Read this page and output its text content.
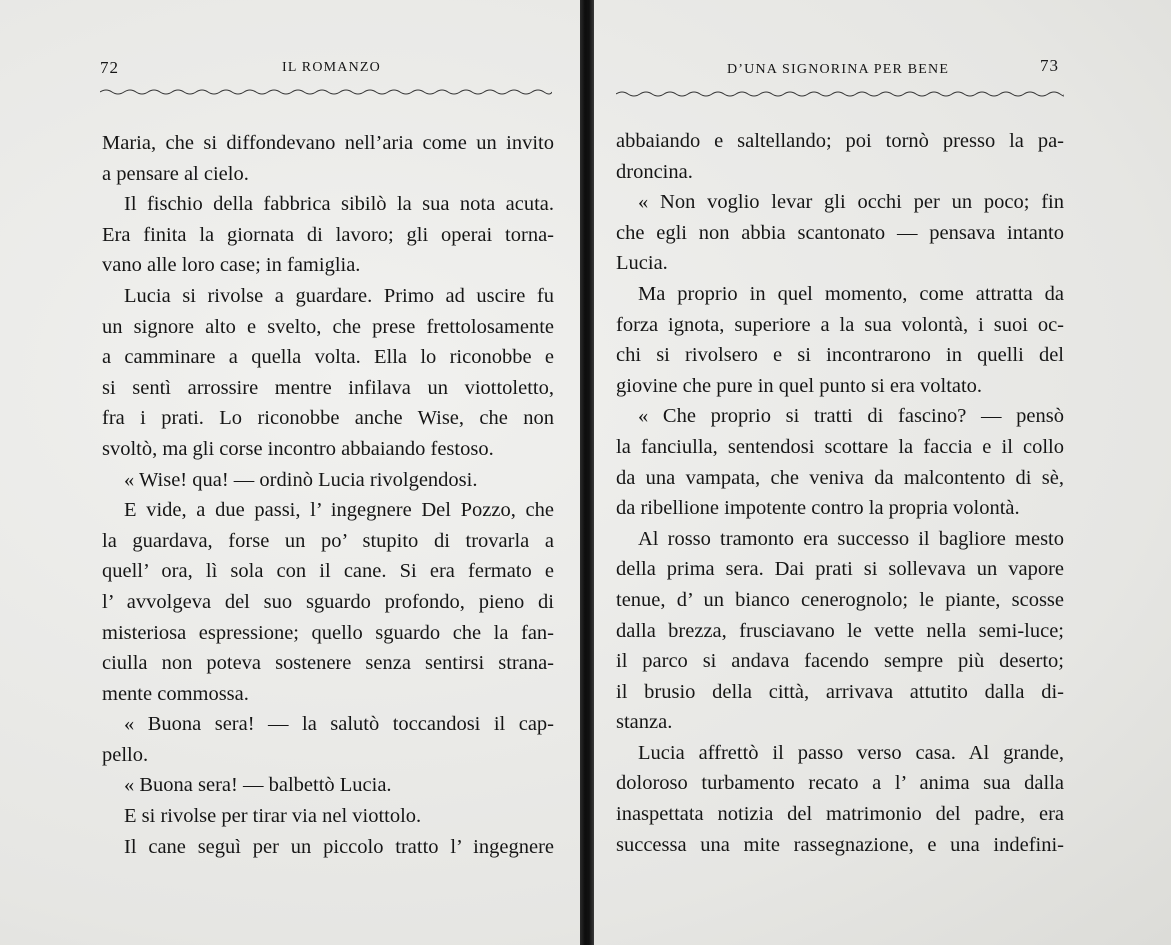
72	IL ROMANZO
Maria, che si diffondevano nell’aria come un invito
a pensare al cielo.
Il fischio della fabbrica sibilò la sua nota acuta.
Era finita la giornata di lavoro; gli operai torna-
vano alle loro case; in famiglia.
Lucia si rivolse a guardare. Primo ad uscire fu
un signore alto e svelto, che prese frettolosamente
a camminare a quella volta. Ella lo riconobbe e
si sentì arrossire mentre infilava un viottoletto,
fra i prati. Lo riconobbe anche Wise, che non
svoltò, ma gli corse incontro abbaiando festoso.
« Wise! qua! — ordinò Lucia rivolgendosi.
E vide, a due passi, l’ ingegnere Del Pozzo, che
la guardava, forse un po’ stupito di trovarla a
quell’ ora, lì sola con il cane. Si era fermato e
l’ avvolgeva del suo sguardo profondo, pieno di
misteriosa espressione; quello sguardo che la fan-
ciulla non poteva sostenere senza sentirsi strana-
mente commossa.
« Buona sera! — la salutò toccandosi il cap-
pello.
« Buona sera! — balbettò Lucia.
E si rivolse per tirar via nel viottolo.
Il cane seguì per un piccolo tratto l’ ingegnere
D’UNA SIGNORINA PER BENE	73
abbaiando e saltellando; poi tornò presso la pa-
droncina.
« Non voglio levar gli occhi per un poco; fin
che egli non abbia scantonato — pensava intanto
Lucia.
Ma proprio in quel momento, come attratta da
forza ignota, superiore a la sua volontà, i suoi oc-
chi si rivolsero e si incontrarono in quelli del
giovine che pure in quel punto si era voltato.
« Che proprio si tratti di fascino? — pensò
la fanciulla, sentendosi scottare la faccia e il collo
da una vampata, che veniva da malcontento di sè,
da ribellione impotente contro la propria volontà.
Al rosso tramonto era successo il bagliore mesto
della prima sera. Dai prati si sollevava un vapore
tenue, d’ un bianco cenerognolo; le piante, scosse
dalla brezza, frusciavano le vette nella semi-luce;
il parco si andava facendo sempre più deserto;
il brusio della città, arrivava attutito dalla di-
stanza.
Lucia affrettò il passo verso casa. Al grande,
doloroso turbamento recato a l’ anima sua dalla
inaspettata notizia del matrimonio del padre, era
successa una mite rassegnazione, e una indefini-
